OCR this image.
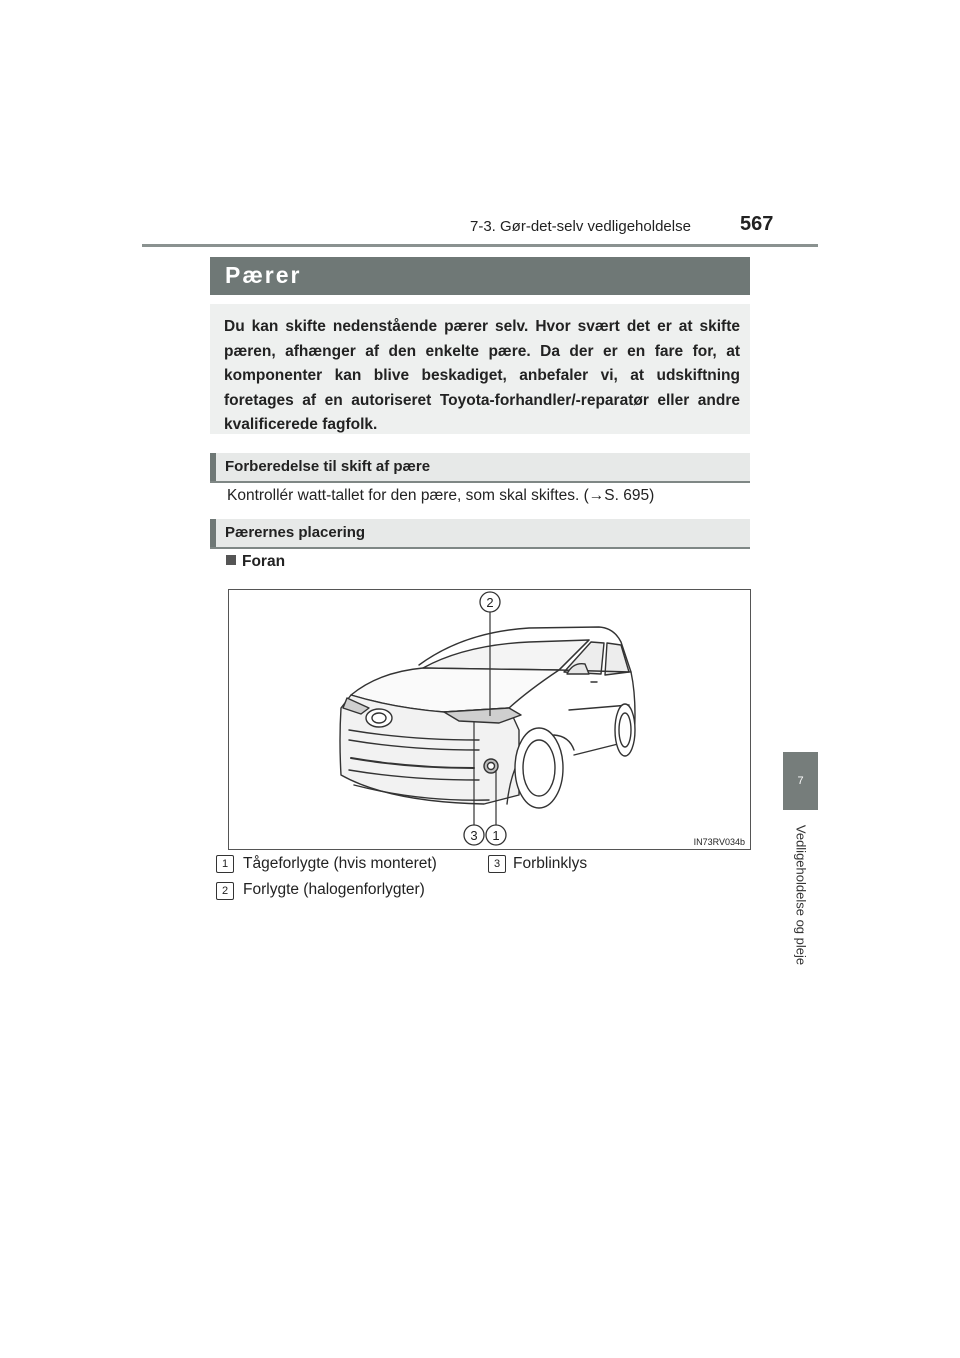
7-3. Gør-det-selv vedligeholdelse 567
7
Vedligeholdelse og pleje
Pærer

Du kan skifte nedenstående pærer selv. Hvor svært det er at skifte pæren, afhænger af den enkelte pære. Da der er en fare for, at komponenter kan blive beskadiget, anbefaler vi, at udskiftning foretages af en autoriseret Toyota-forhandler/-reparatør eller andre kvalificerede fagfolk.

Forberedelse til skift af pære
Kontrollér watt-tallet for den pære, som skal skiftes. (→S. 695)
Pærernes placering
Foran
2
3 1	IN73RV034b
1 Tågeforlygte (hvis monteret)	3 Forblinklys
2 Forlygte (halogenforlygter)
